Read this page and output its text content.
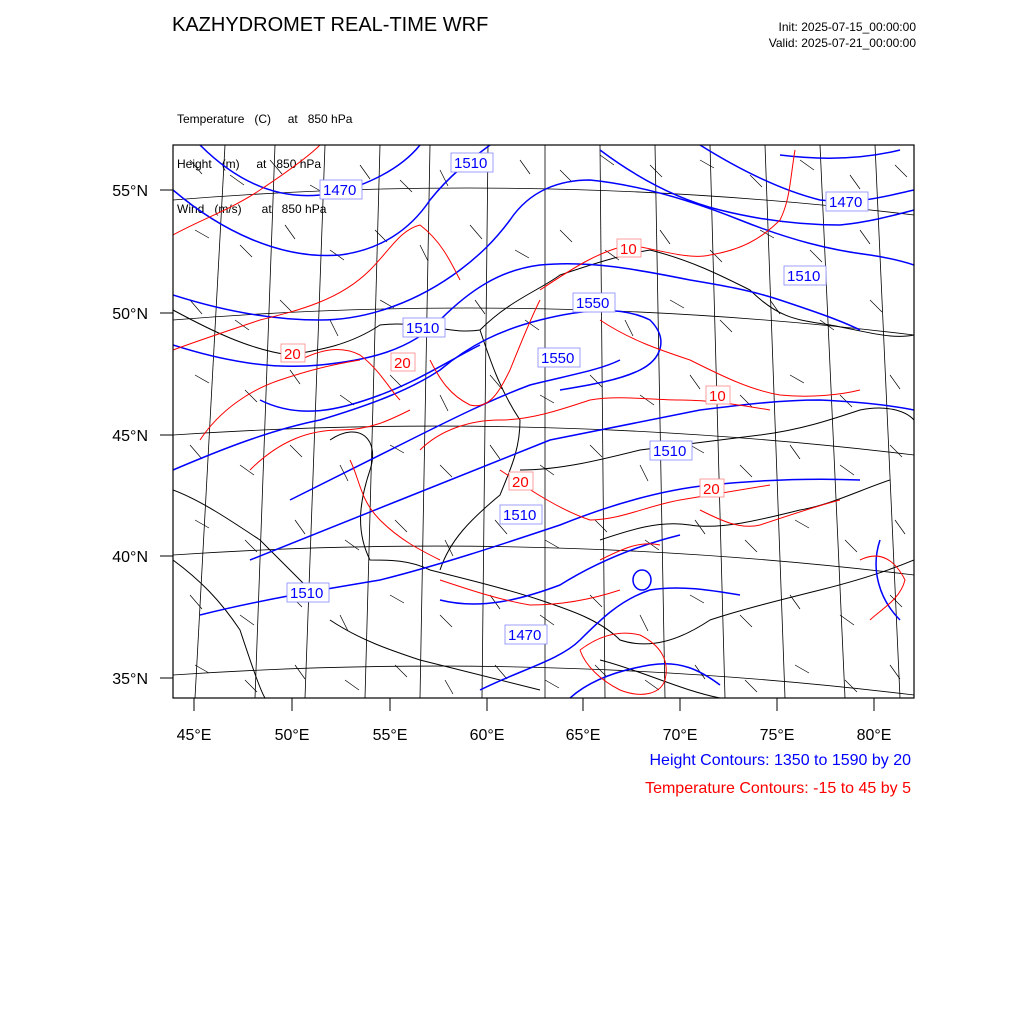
KAZHYDROMET REAL-TIME WRF	Init: 2025-07-15_00:00:00
Valid: 2025-07-21_00:00:00

Temperature   (C)     at   850 hPa

Height   (m)     at   850 hPa

Wind   (m/s)      at   850 hPa

55°N
50°N
45°N
40°N
35°N
45°E	50°E	55°E	60°E	65°E	70°E	75°E	80°E
1510
1470
1470
1510
1550
1510
1550
1510
1510
1510
1470
10
20
20
10
20	20
Height Contours: 1350 to 1590 by 20
Temperature Contours: -15 to 45 by 5
